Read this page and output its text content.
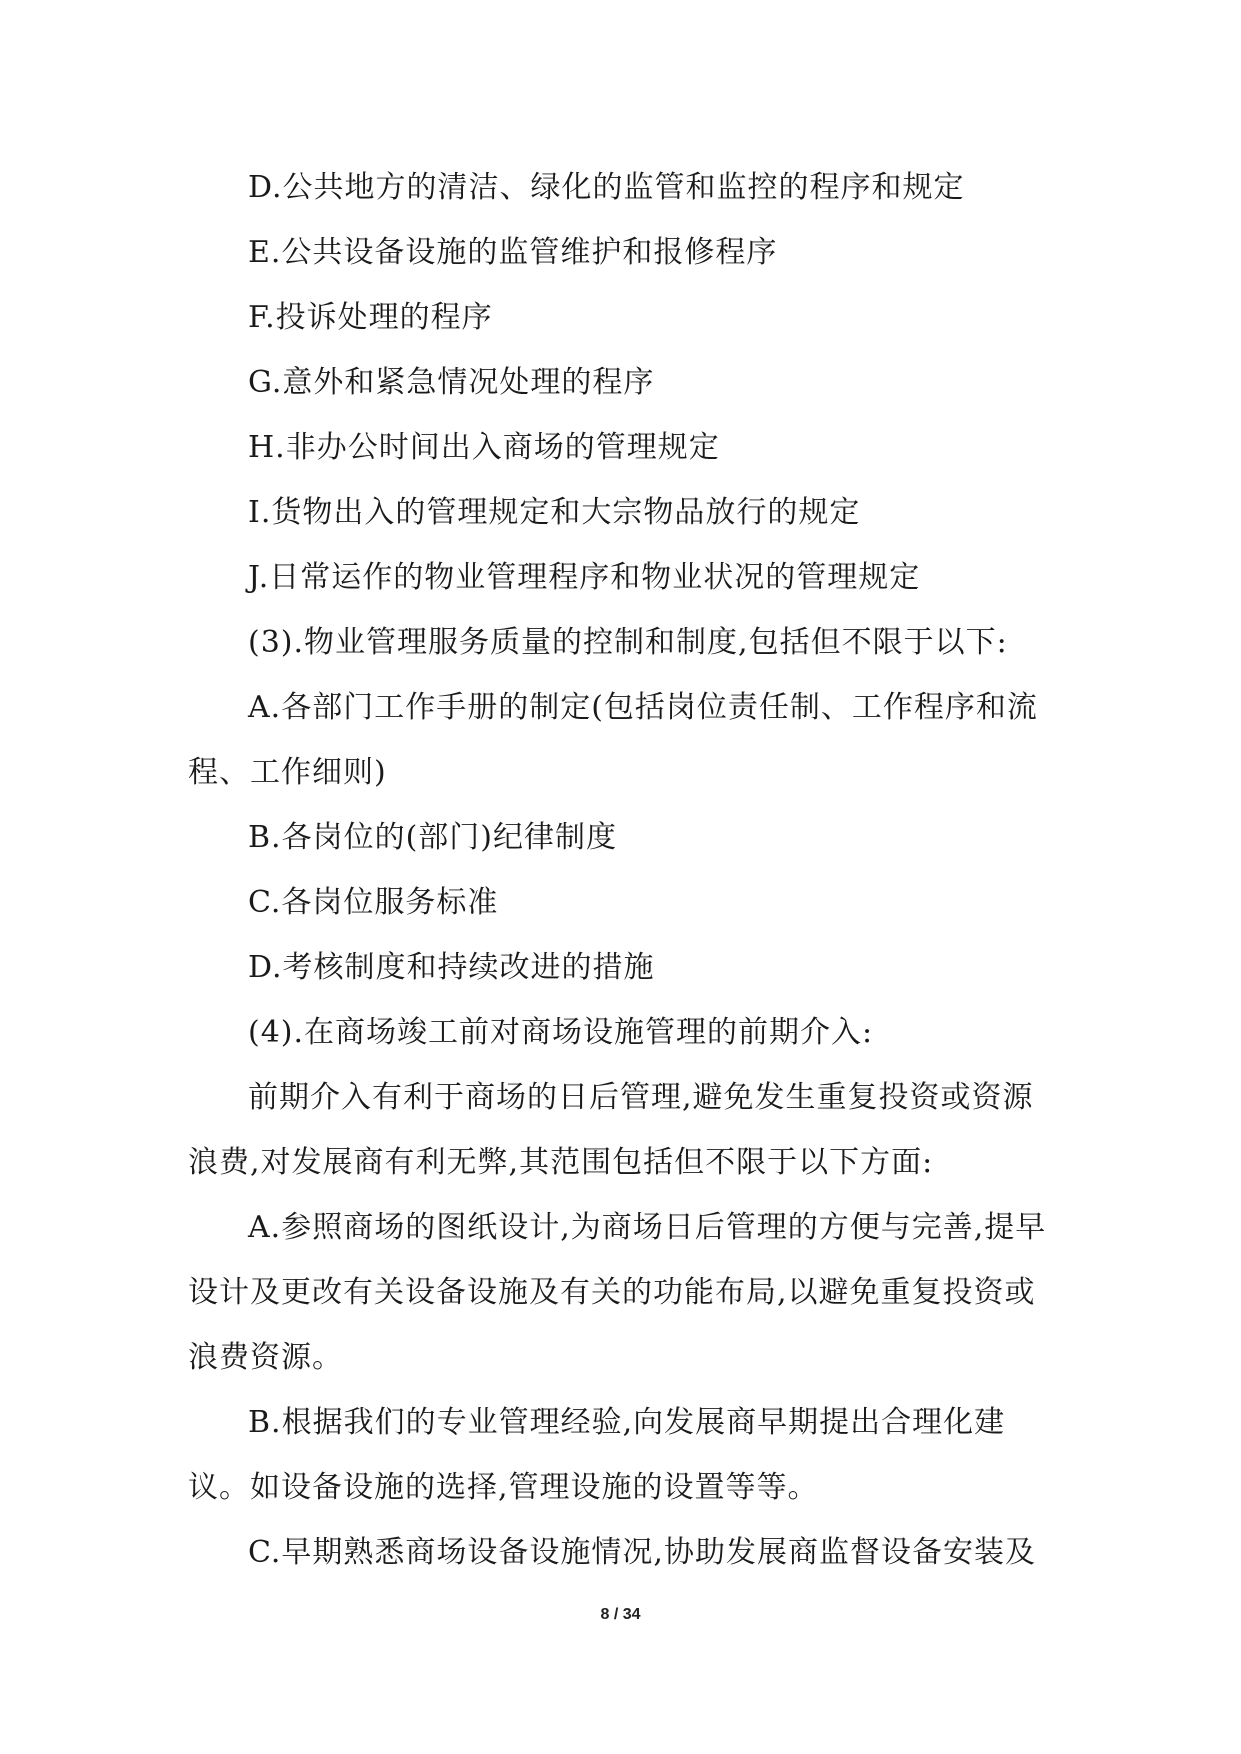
D.公共地方的清洁、绿化的监管和监控的程序和规定

E.公共设备设施的监管维护和报修程序

F.投诉处理的程序

G.意外和紧急情况处理的程序

H.非办公时间出入商场的管理规定

I.货物出入的管理规定和大宗物品放行的规定

J.日常运作的物业管理程序和物业状况的管理规定

(3).物业管理服务质量的控制和制度,包括但不限于以下:

A.各部门工作手册的制定(包括岗位责任制、工作程序和流程、工作细则)

B.各岗位的(部门)纪律制度

C.各岗位服务标准

D.考核制度和持续改进的措施

(4).在商场竣工前对商场设施管理的前期介入:

前期介入有利于商场的日后管理,避免发生重复投资或资源浪费,对发展商有利无弊,其范围包括但不限于以下方面:

A.参照商场的图纸设计,为商场日后管理的方便与完善,提早设计及更改有关设备设施及有关的功能布局,以避免重复投资或浪费资源。

B.根据我们的专业管理经验,向发展商早期提出合理化建议。如设备设施的选择,管理设施的设置等等。

C.早期熟悉商场设备设施情况,协助发展商监督设备安装及

8 / 34
